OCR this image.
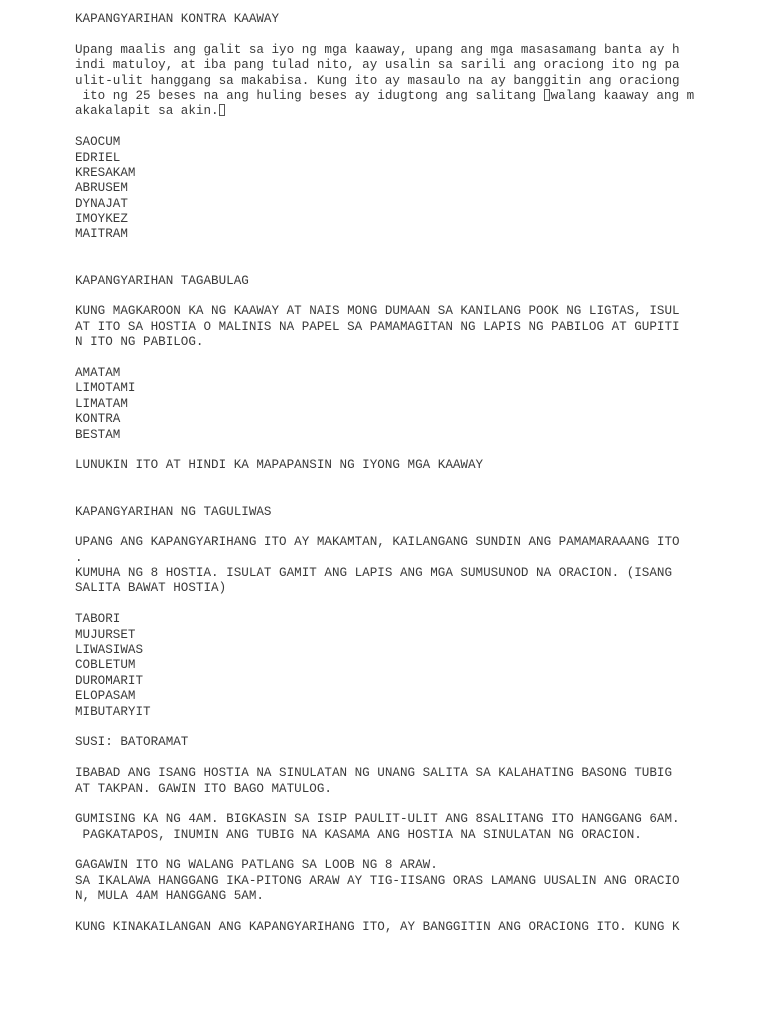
KAPANGYARIHAN KONTRA KAAWAY
Upang maalis ang galit sa iyo ng mga kaaway, upang ang mga masasamang banta ay h
indi matuloy, at iba pang tulad nito, ay usalin sa sarili ang oraciong ito ng pa
ulit-ulit hanggang sa makabisa. Kung ito ay masaulo na ay banggitin ang oraciong
ito ng 25 beses na ang huling beses ay idugtong ang salitang walang kaaway ang m
akakalapit sa akin.
SAOCUM
EDRIEL
KRESAKAM
ABRUSEM
DYNAJAT
IMOYKEZ
MAITRAM
KAPANGYARIHAN TAGABULAG
KUNG MAGKAROON KA NG KAAWAY AT NAIS MONG DUMAAN SA KANILANG POOK NG LIGTAS, ISUL
AT ITO SA HOSTIA O MALINIS NA PAPEL SA PAMAMAGITAN NG LAPIS NG PABILOG AT GUPITI
N ITO NG PABILOG.
AMATAM
LIMOTAMI
LIMATAM
KONTRA
BESTAM
LUNUKIN ITO AT HINDI KA MAPAPANSIN NG IYONG MGA KAAWAY
KAPANGYARIHAN NG TAGULIWAS
UPANG ANG KAPANGYARIHANG ITO AY MAKAMTAN, KAILANGANG SUNDIN ANG PAMAMARAAANG ITO
.
KUMUHA NG 8 HOSTIA. ISULAT GAMIT ANG LAPIS ANG MGA SUMUSUNOD NA ORACION. (ISANG
SALITA BAWAT HOSTIA)
TABORI
MUJURSET
LIWASIWAS
COBLETUM
DUROMARIT
ELOPASAM
MIBUTARYIT
SUSI: BATORAMAT
IBABAD ANG ISANG HOSTIA NA SINULATAN NG UNANG SALITA SA KALAHATING BASONG TUBIG
AT TAKPAN. GAWIN ITO BAGO MATULOG.
GUMISING KA NG 4AM. BIGKASIN SA ISIP PAULIT-ULIT ANG 8SALITANG ITO HANGGANG 6AM.
PAGKATAPOS, INUMIN ANG TUBIG NA KASAMA ANG HOSTIA NA SINULATAN NG ORACION.
GAGAWIN ITO NG WALANG PATLANG SA LOOB NG 8 ARAW.
SA IKALAWA HANGGANG IKA-PITONG ARAW AY TIG-IISANG ORAS LAMANG UUSALIN ANG ORACIO
N, MULA 4AM HANGGANG 5AM.
KUNG KINAKAILANGAN ANG KAPANGYARIHANG ITO, AY BANGGITIN ANG ORACIONG ITO. KUNG K
